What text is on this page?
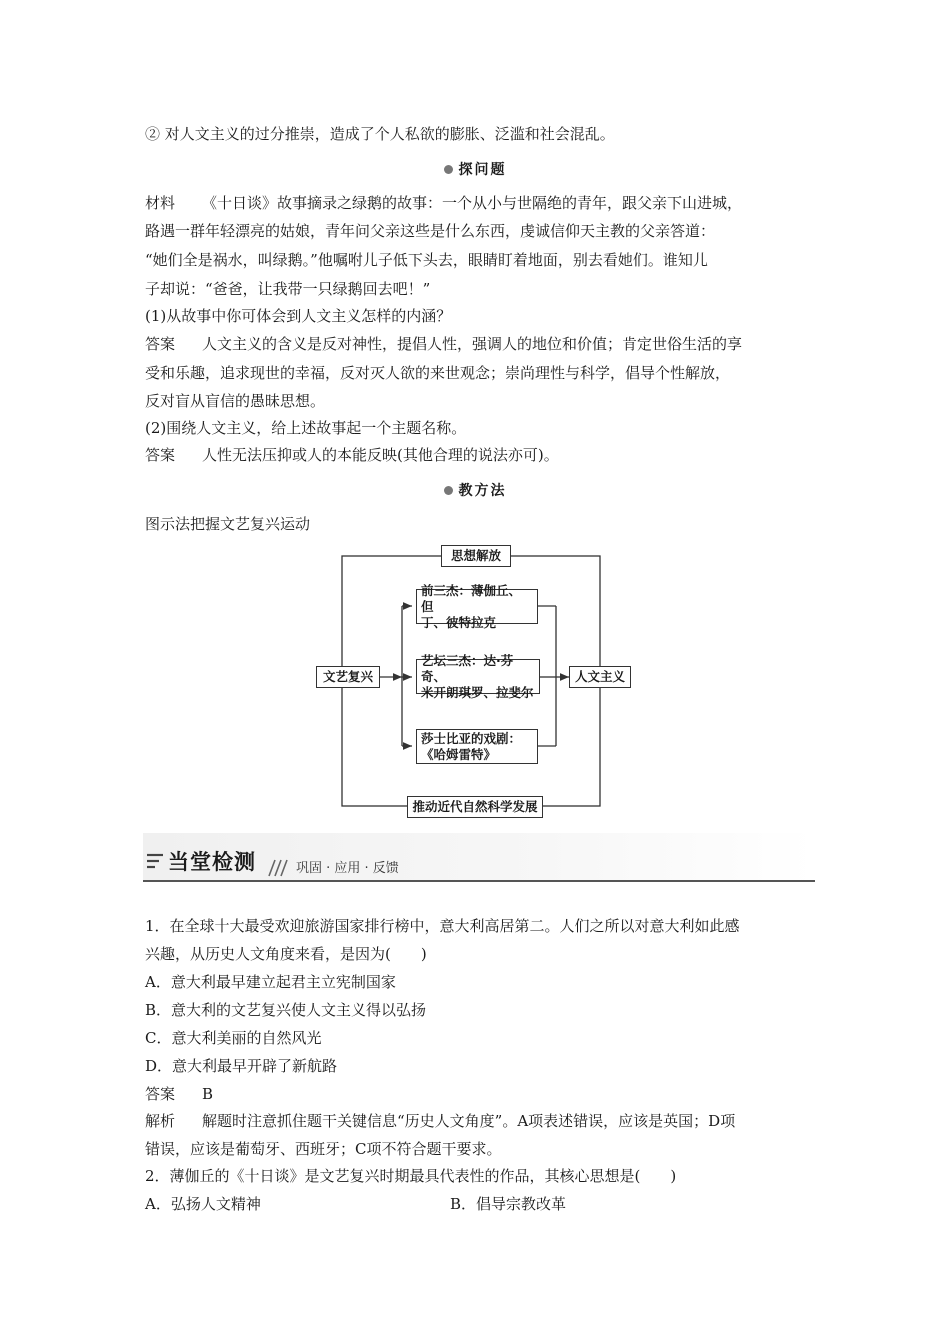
② 对人文主义的过分推崇，造成了个人私欲的膨胀、泛滥和社会混乱。
探问题
材料 《十日谈》故事摘录之绿鹅的故事：一个从小与世隔绝的青年，跟父亲下山进城，
路遇一群年轻漂亮的姑娘，青年问父亲这些是什么东西，虔诚信仰天主教的父亲答道：
“她们全是祸水，叫绿鹅。”他嘱咐儿子低下头去，眼睛盯着地面，别去看她们。谁知儿
子却说：“爸爸，让我带一只绿鹅回去吧！”
(1)从故事中你可体会到人文主义怎样的内涵？
答案 人文主义的含义是反对神性，提倡人性，强调人的地位和价值；肯定世俗生活的享
受和乐趣，追求现世的幸福，反对灭人欲的来世观念；崇尚理性与科学，倡导个性解放，
反对盲从盲信的愚昧思想。
(2)围绕人文主义，给上述故事起一个主题名称。
答案 人性无法压抑或人的本能反映(其他合理的说法亦可)。
教方法
图示法把握文艺复兴运动
思想解放
文艺复兴	人文主义
推动近代自然科学发展
前三杰：薄伽丘、但
丁、彼特拉克
艺坛三杰：达·芬奇、
米开朗琪罗、拉斐尔
莎士比亚的戏剧：
《哈姆雷特》
当堂检测	巩固 · 应用 · 反馈
1．在全球十大最受欢迎旅游国家排行榜中，意大利高居第二。人们之所以对意大利如此感
兴趣，从历史人文角度来看，是因为(　　)
A．意大利最早建立起君主立宪制国家
B．意大利的文艺复兴使人文主义得以弘扬
C．意大利美丽的自然风光
D．意大利最早开辟了新航路
答案 B
解析 解题时注意抓住题干关键信息“历史人文角度”。A项表述错误，应该是英国；D项
错误，应该是葡萄牙、西班牙；C项不符合题干要求。
2．薄伽丘的《十日谈》是文艺复兴时期最具代表性的作品，其核心思想是(　　)
A．弘扬人文精神	B．倡导宗教改革
